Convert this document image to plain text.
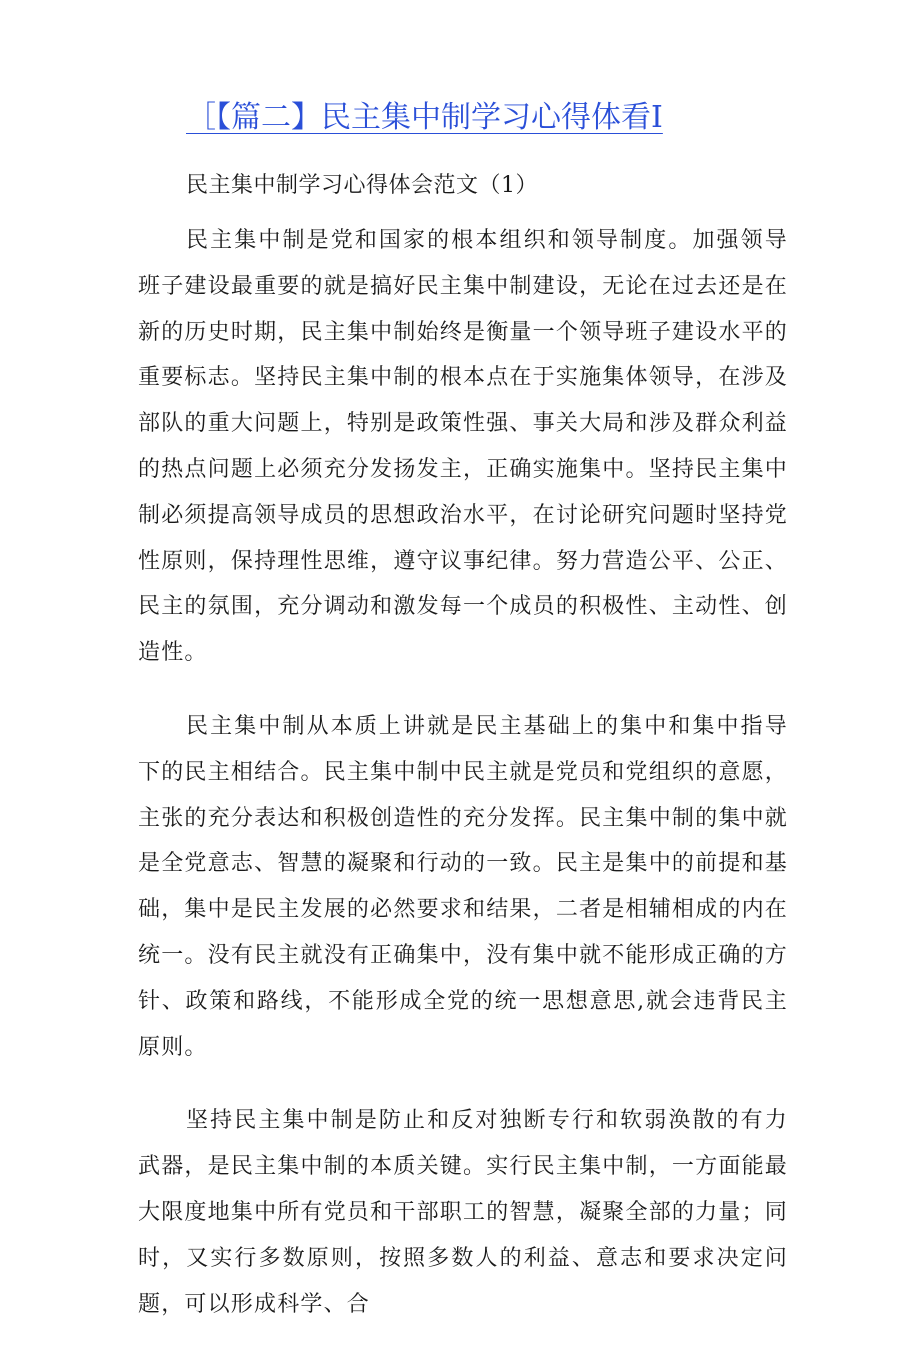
［【篇二】民主集中制学习心得体看I
民主集中制学习心得体会范文（1）

民主集中制是党和国家的根本组织和领导制度。加强领导班子建设最重要的就是搞好民主集中制建设，无论在过去还是在新的历史时期，民主集中制始终是衡量一个领导班子建设水平的重要标志。坚持民主集中制的根本点在于实施集体领导，在涉及部队的重大问题上，特别是政策性强、事关大局和涉及群众利益的热点问题上必须充分发扬发主，正确实施集中。坚持民主集中制必须提高领导成员的思想政治水平，在讨论研究问题时坚持党性原则，保持理性思维，遵守议事纪律。努力营造公平、公正、民主的氛围，充分调动和激发每一个成员的积极性、主动性、创造性。

民主集中制从本质上讲就是民主基础上的集中和集中指导下的民主相结合。民主集中制中民主就是党员和党组织的意愿，主张的充分表达和积极创造性的充分发挥。民主集中制的集中就是全党意志、智慧的凝聚和行动的一致。民主是集中的前提和基础，集中是民主发展的必然要求和结果，二者是相辅相成的内在统一。没有民主就没有正确集中，没有集中就不能形成正确的方针、政策和路线，不能形成全党的统一思想意思,就会违背民主原则。

坚持民主集中制是防止和反对独断专行和软弱涣散的有力武器，是民主集中制的本质关键。实行民主集中制，一方面能最大限度地集中所有党员和干部职工的智慧，凝聚全部的力量；同时，又实行多数原则，按照多数人的利益、意志和要求决定问题，可以形成科学、合
